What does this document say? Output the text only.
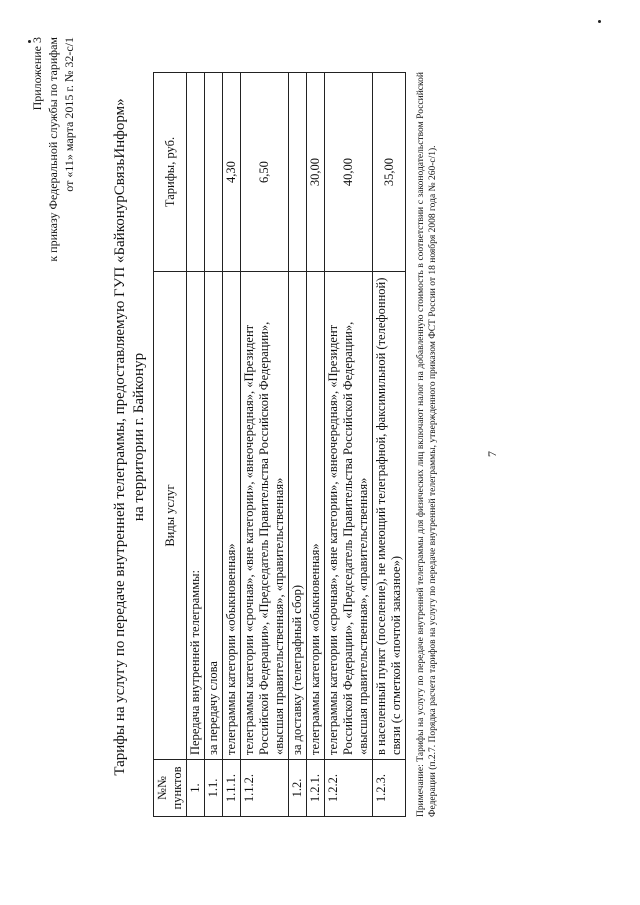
Приложение 3 к приказу Федеральной службы по тарифам от «11» марта 2015 г. № 32-с/1 Тарифы на услугу по передаче внутренней телеграммы, предоставляемую ГУП «БайконурСвязьИнформ» на территории г. Байконур
№№ пунктов	Виды услуг	Тарифы, руб.
1.	Передача внутренней телеграммы:	
1.1.	за передачу слова	
1.1.1.	телеграммы категории «обыкновенная»	4,30
1.1.2.	телеграммы категории «срочная», «вне категории», «внеочередная», «Президент Российской Федерации», «Председатель Правительства Российской Федерации», «высшая правительственная», «правительственная»	6,50
1.2.	за доставку (телеграфный сбор)	
1.2.1.	телеграммы категории «обыкновенная»	30,00
1.2.2.	телеграммы категории «срочная», «вне категории», «внеочередная», «Президент Российской Федерации», «Председатель Правительства Российской Федерации», «высшая правительственная», «правительственная»	40,00
1.2.3.	в населенный пункт (поселение), не имеющий телеграфной, факсимильной (телефонной) связи (с отметкой «почтой заказное»)	35,00 Примечание: Тарифы на услугу по передаче внутренней телеграммы для физических лиц включают налог на добавленную стоимость в соответствии с законодательством Российской Федерации (п.2.7. Порядка расчета тарифов на услугу по передаче внутренней телеграммы, утвержденного приказом ФСТ России от 18 ноября 2008 года № 260-с/1).	7
